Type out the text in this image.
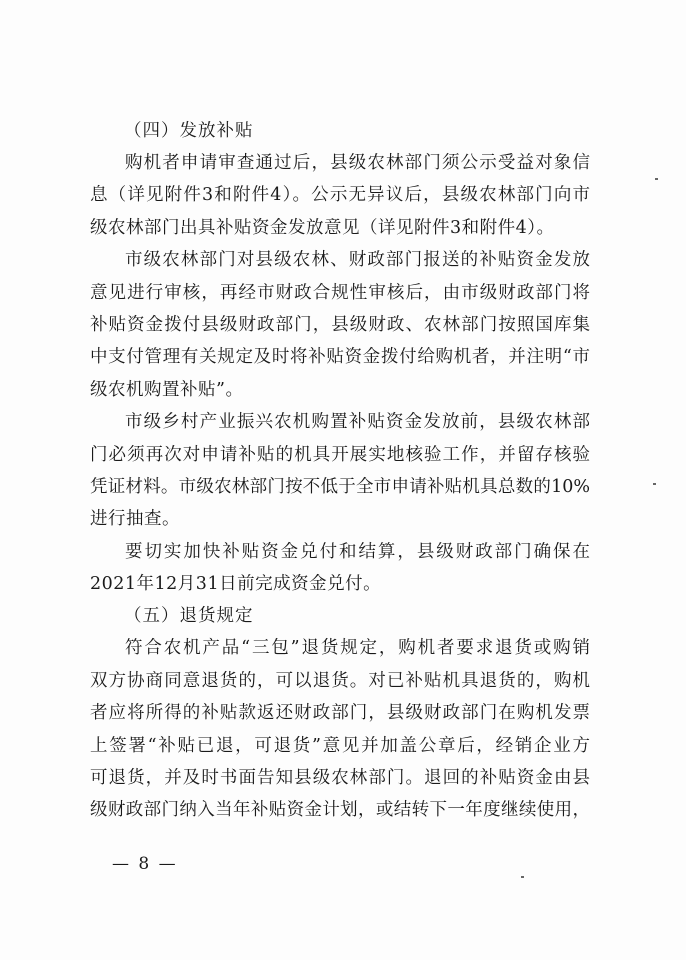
（四）发放补贴
购机者申请审查通过后，县级农林部门须公示受益对象信
息（详见附件3和附件4）。公示无异议后，县级农林部门向市
级农林部门出具补贴资金发放意见（详见附件3和附件4）。
市级农林部门对县级农林、财政部门报送的补贴资金发放
意见进行审核，再经市财政合规性审核后，由市级财政部门将
补贴资金拨付县级财政部门，县级财政、农林部门按照国库集
中支付管理有关规定及时将补贴资金拨付给购机者，并注明“市
级农机购置补贴”。
市级乡村产业振兴农机购置补贴资金发放前，县级农林部
门必须再次对申请补贴的机具开展实地核验工作，并留存核验
凭证材料。市级农林部门按不低于全市申请补贴机具总数的10%
进行抽查。
要切实加快补贴资金兑付和结算，县级财政部门确保在
2021年12月31日前完成资金兑付。
（五）退货规定
符合农机产品“三包”退货规定，购机者要求退货或购销
双方协商同意退货的，可以退货。对已补贴机具退货的，购机
者应将所得的补贴款返还财政部门，县级财政部门在购机发票
上签署“补贴已退，可退货”意见并加盖公章后，经销企业方
可退货，并及时书面告知县级农林部门。退回的补贴资金由县
级财政部门纳入当年补贴资金计划，或结转下一年度继续使用，
— 8 —
